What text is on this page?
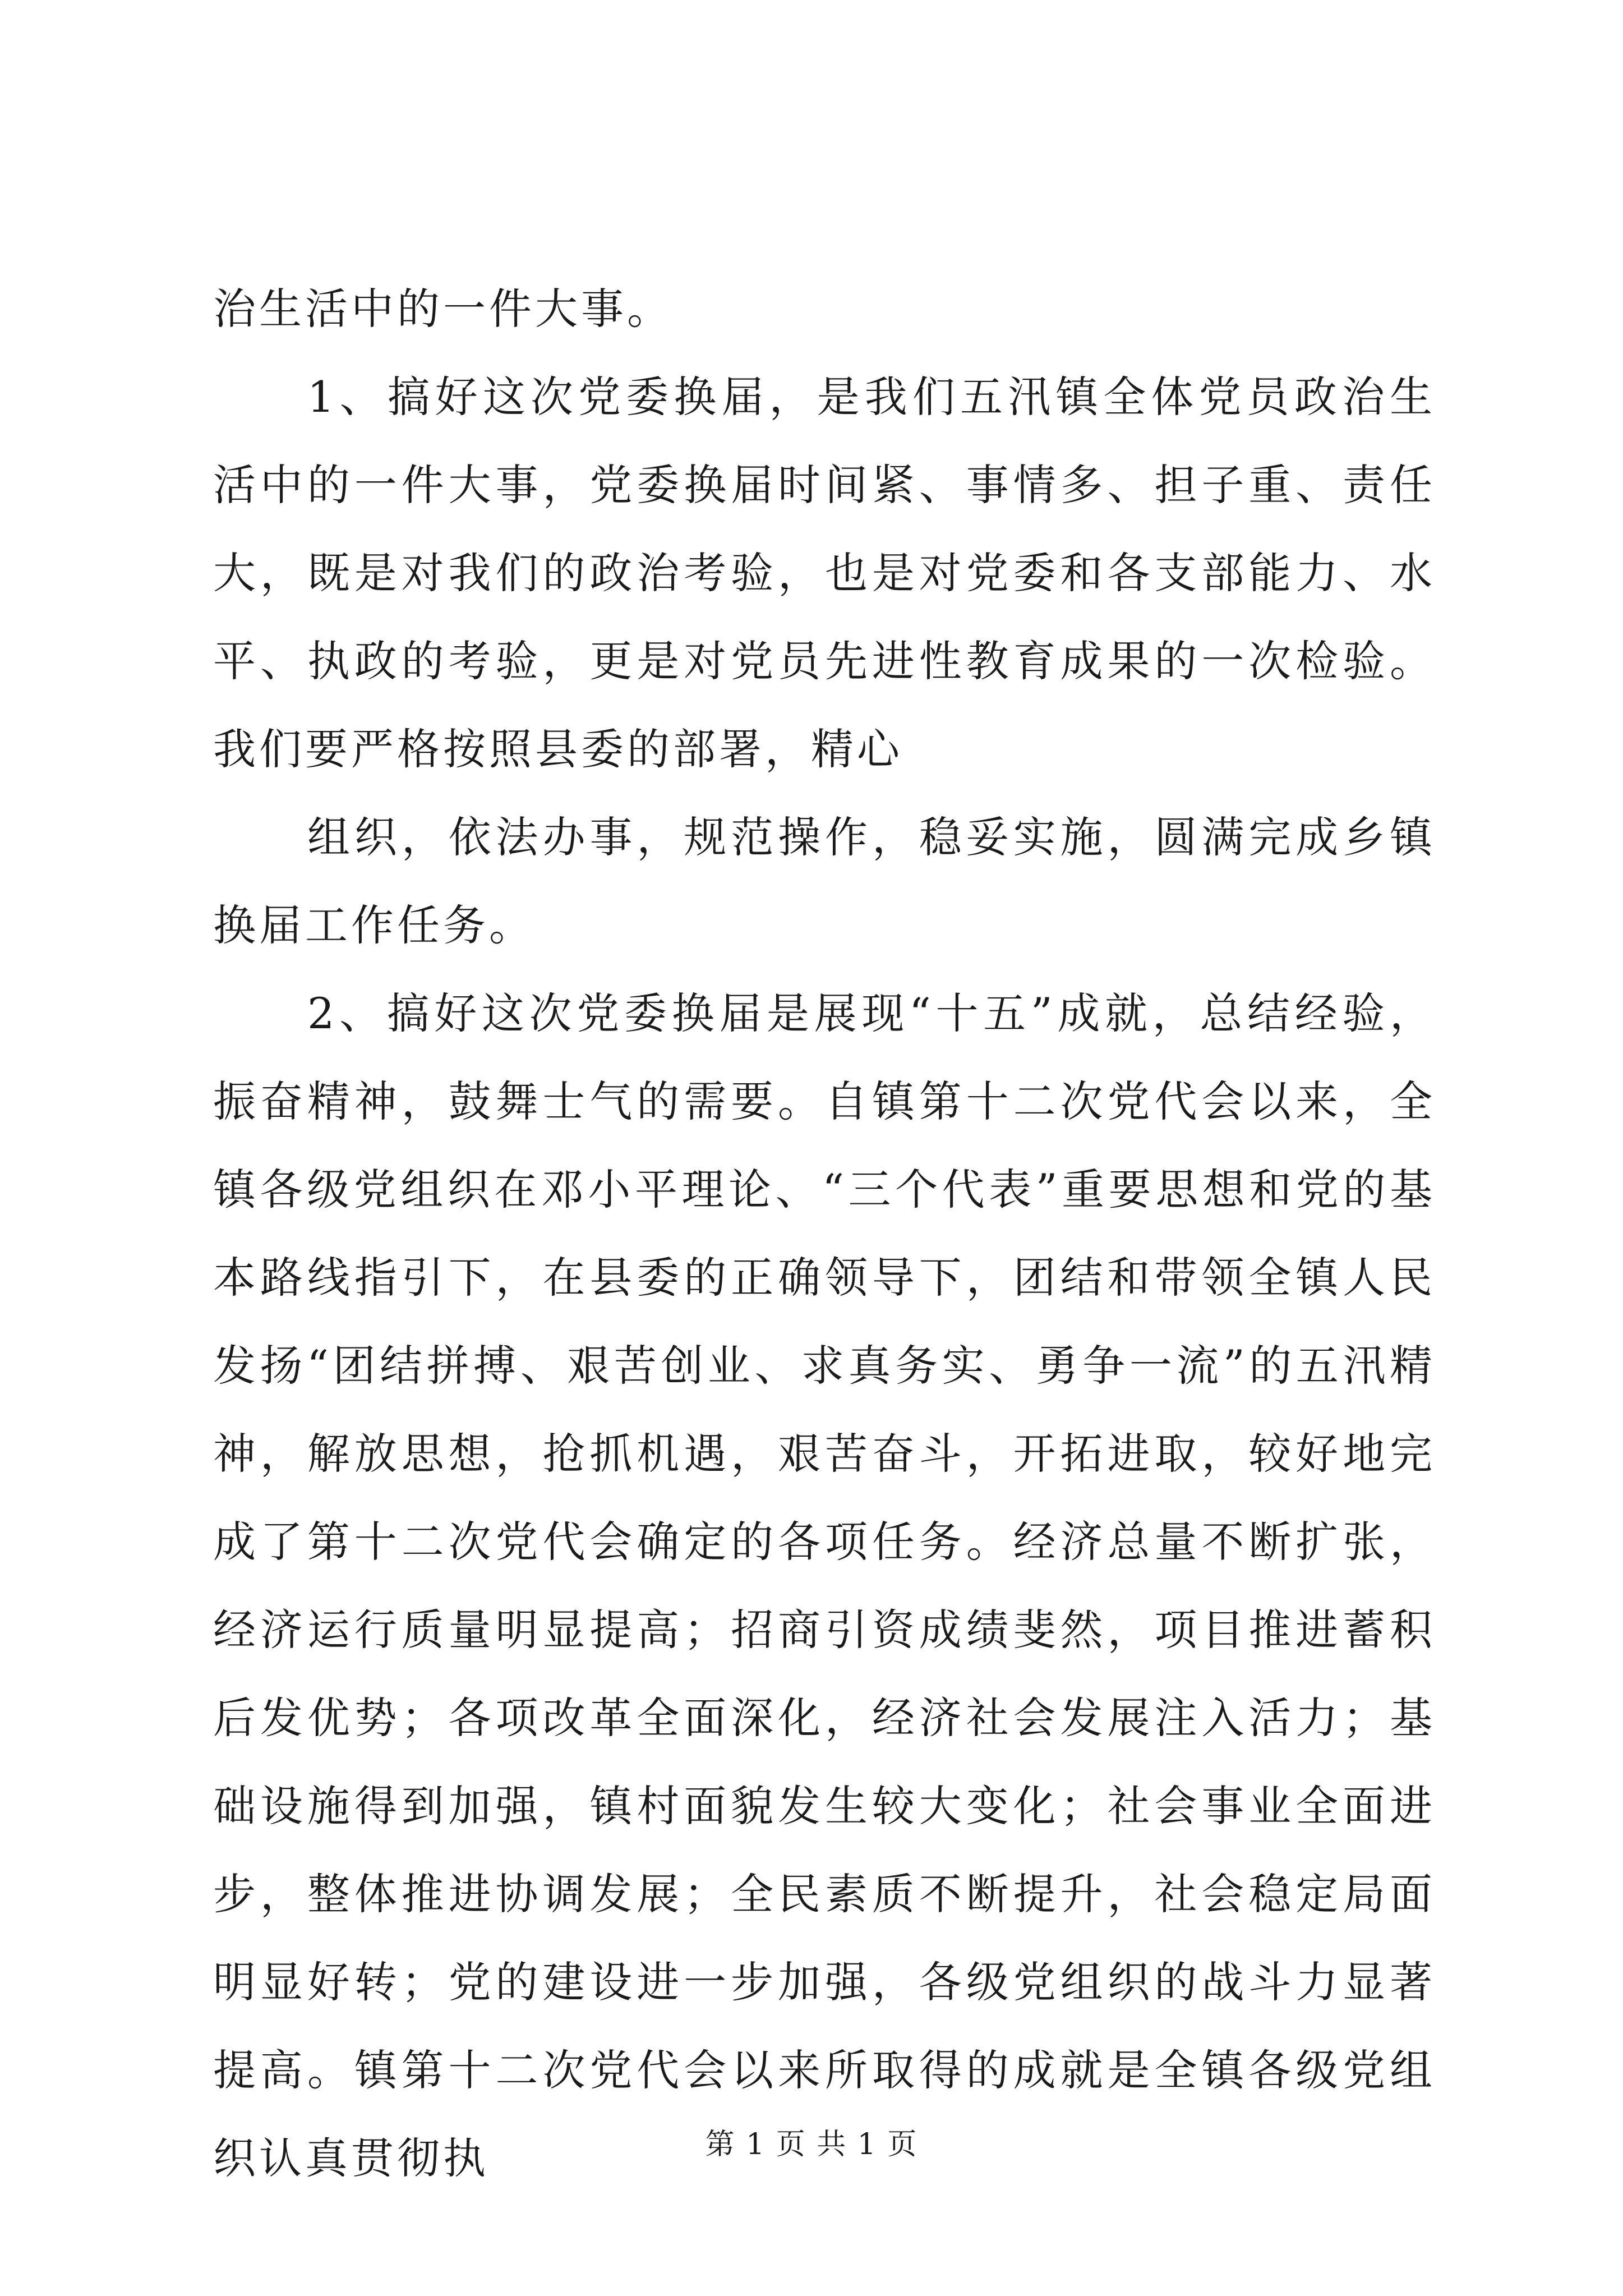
治生活中的一件大事。

1、搞好这次党委换届，是我们五汛镇全体党员政治生活中的一件大事，党委换届时间紧、事情多、担子重、责任大，既是对我们的政治考验，也是对党委和各支部能力、水平、执政的考验，更是对党员先进性教育成果的一次检验。我们要严格按照县委的部署，精心

组织，依法办事，规范操作，稳妥实施，圆满完成乡镇换届工作任务。

2、搞好这次党委换届是展现“十五”成就，总结经验，振奋精神，鼓舞士气的需要。自镇第十二次党代会以来，全镇各级党组织在邓小平理论、“三个代表”重要思想和党的基本路线指引下，在县委的正确领导下，团结和带领全镇人民发扬“团结拼搏、艰苦创业、求真务实、勇争一流”的五汛精神，解放思想，抢抓机遇，艰苦奋斗，开拓进取，较好地完成了第十二次党代会确定的各项任务。经济总量不断扩张，经济运行质量明显提高；招商引资成绩斐然，项目推进蓄积后发优势；各项改革全面深化，经济社会发展注入活力；基础设施得到加强，镇村面貌发生较大变化；社会事业全面进步，整体推进协调发展；全民素质不断提升，社会稳定局面明显好转；党的建设进一步加强，各级党组织的战斗力显著提高。镇第十二次党代会以来所取得的成就是全镇各级党组织认真贯彻执	第 1 页 共 1 页
